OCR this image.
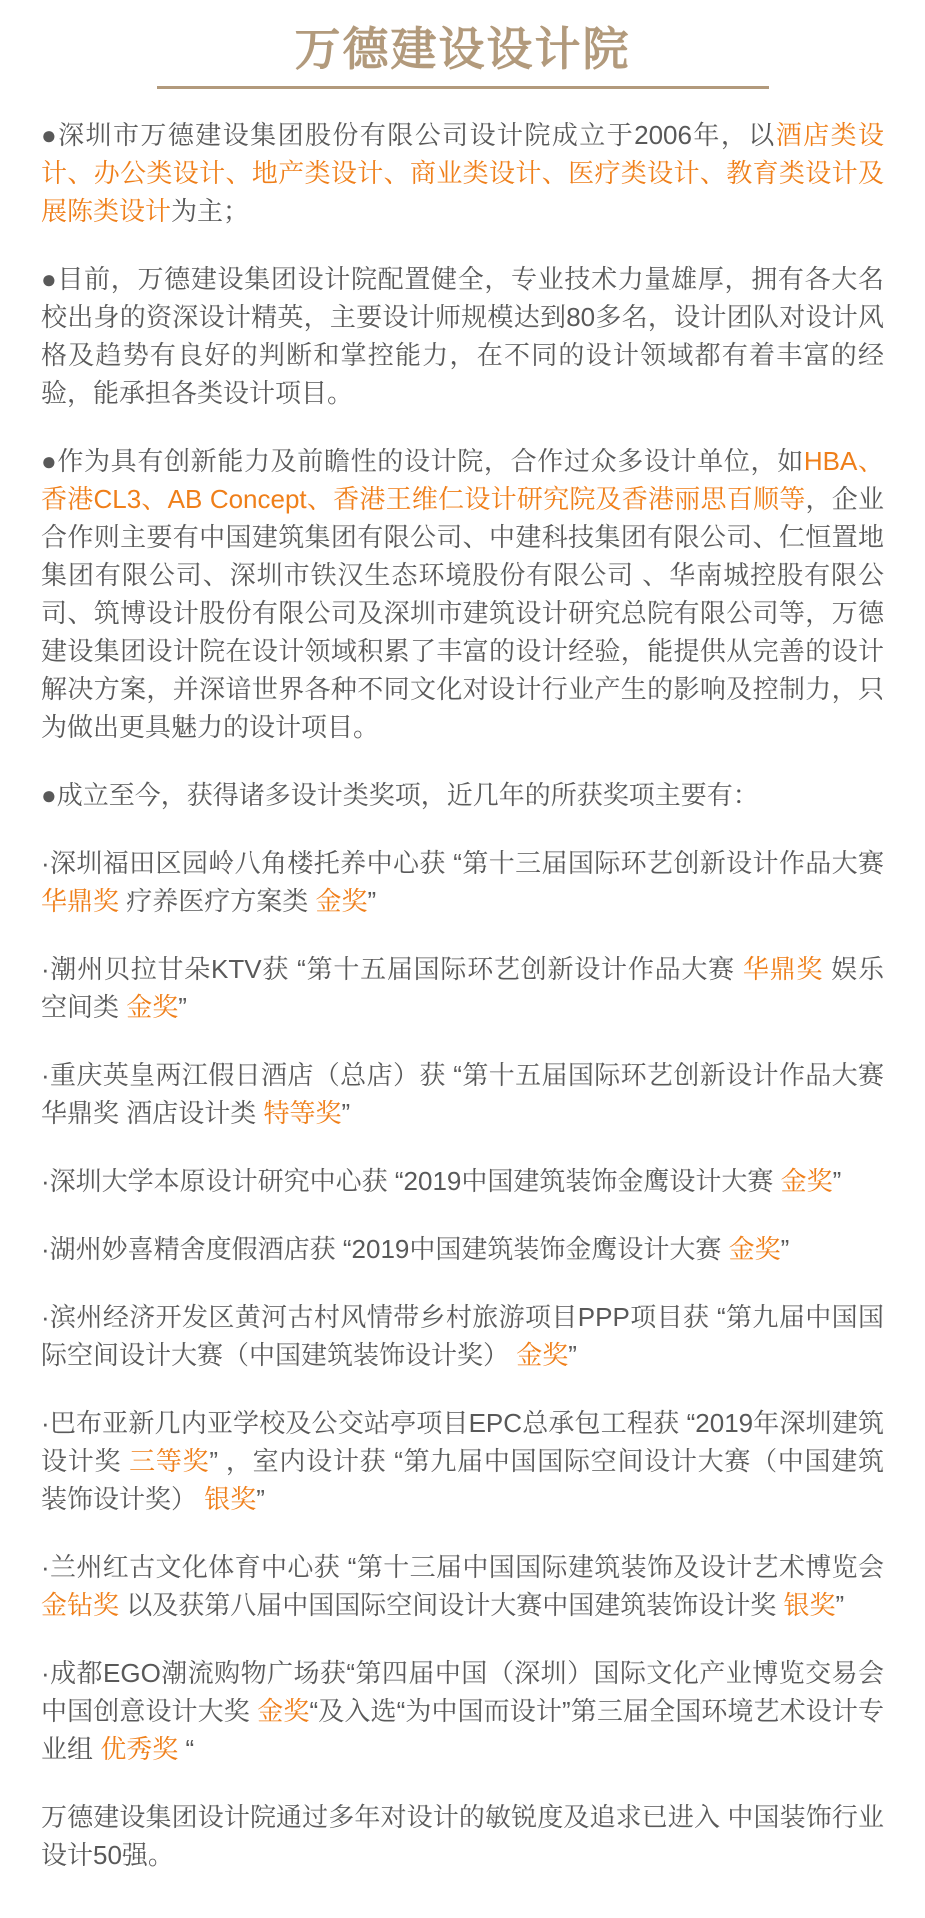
万德建设设计院
●深圳市万德建设集团股份有限公司设计院成立于2006年，以酒店类设计、办公类设计、地产类设计、商业类设计、医疗类设计、教育类设计及展陈类设计为主；
●目前，万德建设集团设计院配置健全，专业技术力量雄厚，拥有各大名校出身的资深设计精英，主要设计师规模达到80多名，设计团队对设计风格及趋势有良好的判断和掌控能力，在不同的设计领域都有着丰富的经验，能承担各类设计项目。
●作为具有创新能力及前瞻性的设计院，合作过众多设计单位，如HBA、香港CL3、AB Concept、香港王维仁设计研究院及香港丽思百顺等，企业合作则主要有中国建筑集团有限公司、中建科技集团有限公司、仁恒置地集团有限公司、深圳市铁汉生态环境股份有限公司 、华南城控股有限公司、筑博设计股份有限公司及深圳市建筑设计研究总院有限公司等，万德建设集团设计院在设计领域积累了丰富的设计经验，能提供从完善的设计解决方案，并深谙世界各种不同文化对设计行业产生的影响及控制力，只为做出更具魅力的设计项目。
●成立至今，获得诸多设计类奖项，近几年的所获奖项主要有：
·深圳福田区园岭八角楼托养中心获 “第十三届国际环艺创新设计作品大赛 华鼎奖 疗养医疗方案类 金奖”
·潮州贝拉甘朵KTV获 “第十五届国际环艺创新设计作品大赛 华鼎奖 娱乐空间类 金奖”
·重庆英皇两江假日酒店（总店）获 “第十五届国际环艺创新设计作品大赛 华鼎奖 酒店设计类 特等奖”
·深圳大学本原设计研究中心获 “2019中国建筑装饰金鹰设计大赛 金奖”
·湖州妙喜精舍度假酒店获 “2019中国建筑装饰金鹰设计大赛 金奖”
·滨州经济开发区黄河古村风情带乡村旅游项目PPP项目获 “第九届中国国际空间设计大赛（中国建筑装饰设计奖） 金奖”
·巴布亚新几内亚学校及公交站亭项目EPC总承包工程获 “2019年深圳建筑设计奖 三等奖” ，室内设计获 “第九届中国国际空间设计大赛（中国建筑装饰设计奖） 银奖”
·兰州红古文化体育中心获 “第十三届中国国际建筑装饰及设计艺术博览会金钻奖 以及获第八届中国国际空间设计大赛中国建筑装饰设计奖 银奖”
·成都EGO潮流购物广场获“第四届中国（深圳）国际文化产业博览交易会中国创意设计大奖 金奖“及入选“为中国而设计”第三届全国环境艺术设计专业组 优秀奖 “
万德建设集团设计院通过多年对设计的敏锐度及追求已进入 中国装饰行业设计50强。
